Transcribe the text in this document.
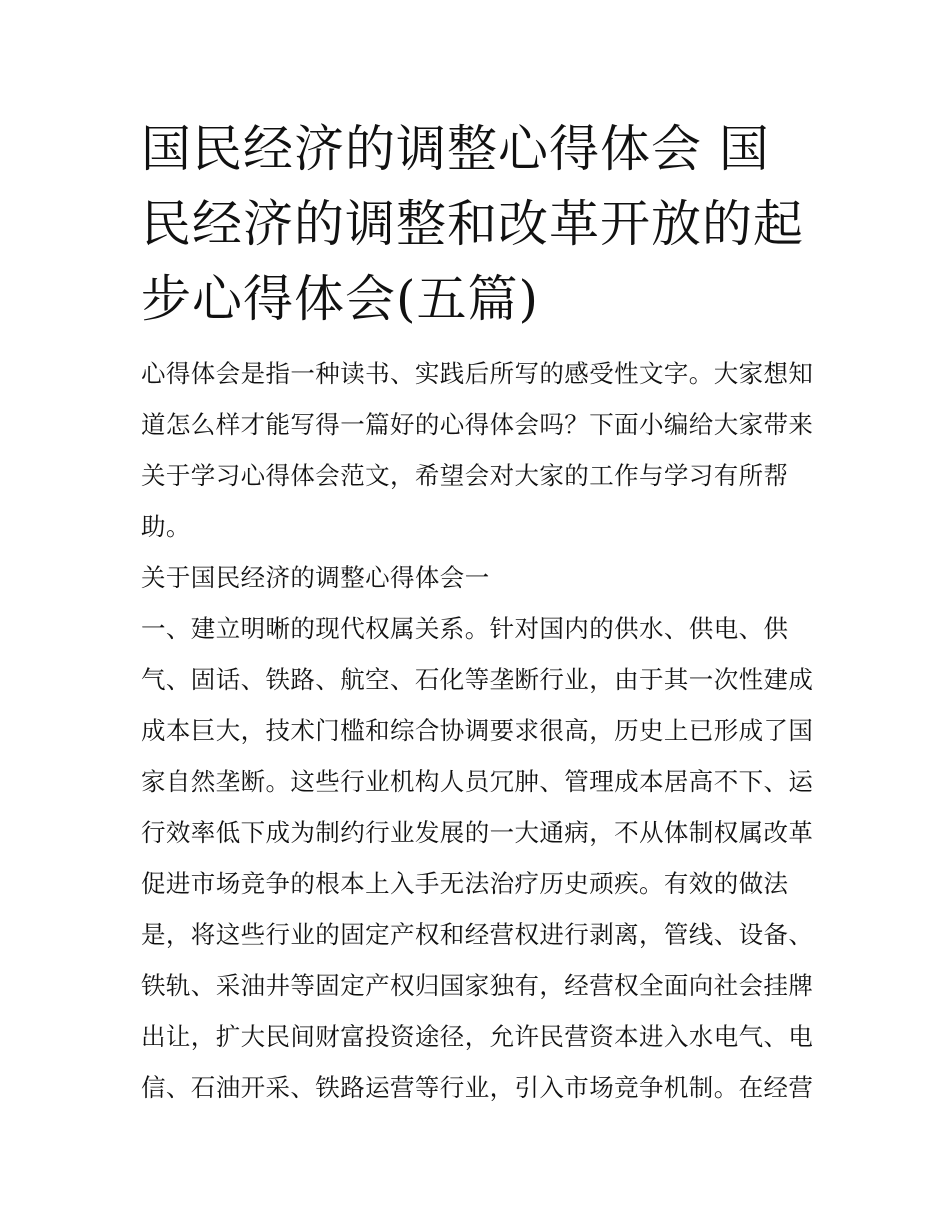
国民经济的调整心得体会 国民经济的调整和改革开放的起步心得体会(五篇)

心得体会是指一种读书、实践后所写的感受性文字。大家想知道怎么样才能写得一篇好的心得体会吗？下面小编给大家带来关于学习心得体会范文，希望会对大家的工作与学习有所帮助。

关于国民经济的调整心得体会一

一、建立明晰的现代权属关系。针对国内的供水、供电、供气、固话、铁路、航空、石化等垄断行业，由于其一次性建成成本巨大，技术门槛和综合协调要求很高，历史上已形成了国家自然垄断。这些行业机构人员冗肿、管理成本居高不下、运行效率低下成为制约行业发展的一大通病，不从体制权属改革促进市场竞争的根本上入手无法治疗历史顽疾。有效的做法是，将这些行业的固定产权和经营权进行剥离，管线、设备、铁轨、采油井等固定产权归国家独有，经营权全面向社会挂牌出让，扩大民间财富投资途径，允许民营资本进入水电气、电信、石油开采、铁路运营等行业，引入市场竞争机制。在经营
